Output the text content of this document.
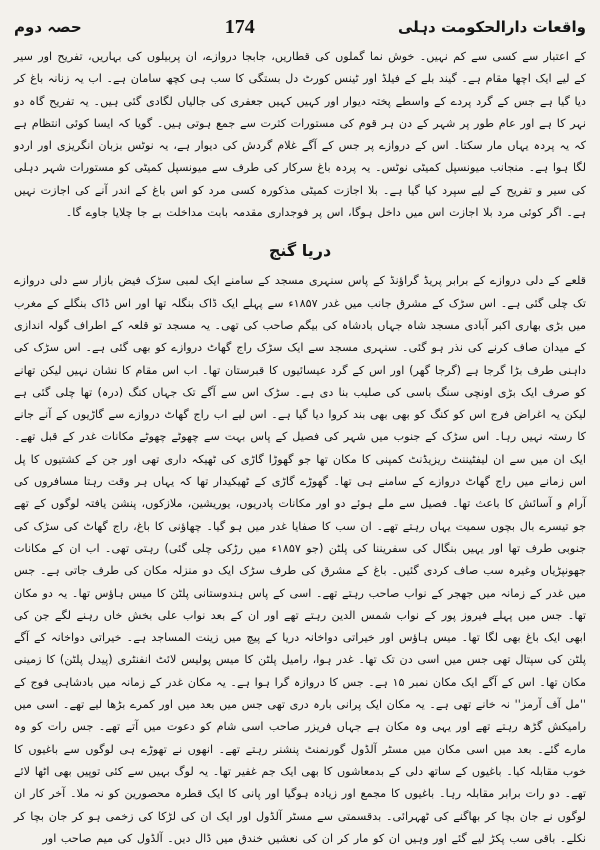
واقعات دارالحکومت دہلی
174
حصہ دوم

کے اعتبار سے کسی سے کم نہیں۔ خوش نما گملوں کی قطاریں، جابجا دروازے، ان پربیلوں کی بہاریں، تفریح اور سیر کے لیے ایک اچھا مقام ہے۔ گیند بلے کے فیلڈ اور ٹینس کورٹ دل بستگی کا سب ہی کچھ سامان ہے۔ اب یہ زنانہ باغ کر دیا گیا ہے جس کے گرد پردے کے واسطے پختہ دیوار اور کہیں کہیں جعفری کی جالیاں لگادی گئی ہیں۔ یہ تفریح گاہ دو نہر کا ہے اور عام طور پر شہر کے دن ہر قوم کی مستورات کثرت سے جمع ہوتی ہیں۔ گویا کہ ایسا کوئی انتظام ہے کہ یہ پردہ یہاں مار سکتا۔ اس کے دروازے پر جس کے آگے غلام گردش کی دیوار ہے، یہ نوٹس بزبان انگریزی اور اردو لگا ہوا ہے۔ منجانب میونسپل کمیٹی نوٹس۔ یہ پردہ باغ سرکار کی طرف سے میونسپل کمیٹی کو مستورات شہر دہلی کی سیر و تفریح کے لیے سپرد کیا گیا ہے۔ بلا اجازت کمیٹی مذکورہ کسی مرد کو اس باغ کے اندر آنے کی اجازت نہیں ہے۔ اگر کوئی مرد بلا اجازت اس میں داخل ہوگا، اس پر فوجداری مقدمہ بابت مداخلت بے جا چلایا جاوے گا۔

دریا گنج

قلعے کے دلی دروازے کے برابر پریڈ گراؤنڈ کے پاس سنہری مسجد کے سامنے ایک لمبی سڑک فیض بازار سے دلی دروازے تک چلی گئی ہے۔ اس سڑک کے مشرق جانب میں غدر ۱۸۵۷ء سے پہلے ایک ڈاک بنگلہ تھا اور اس ڈاک بنگلے کے مغرب میں بڑی بھاری اکبر آبادی مسجد شاہ جہاں بادشاہ کی بیگم صاحب کی تھی۔ یہ مسجد تو قلعہ کے اطراف گولہ اندازی کے میدان صاف کرنے کی نذر ہو گئی۔ سنہری مسجد سے ایک سڑک راج گھاٹ دروازے کو بھی گئی ہے۔ اس سڑک کی داہنی طرف بڑا گرجا ہے (گرجا گھر) اور اس کے گرد عیسائیوں کا قبرستان تھا۔ اب اس مقام کا نشان نہیں لیکن تھانے کو صرف ایک بڑی اونچی سنگ باسی کی صلیب بنا دی ہے۔ سڑک اس سے آگے تک جہاں کنگ (درہ) تھا چلی گئی ہے لیکن یہ اغراض فرج اس کو کنگ کو بھی بھی بند کروا دیا گیا ہے۔ اس لیے اب راج گھاٹ دروازے سے گاڑیوں کے آنے جانے کا رستہ نہیں رہا۔ اس سڑک کے جنوب میں شہر کی فصیل کے پاس بہت سے چھوٹے چھوٹے مکانات غدر کے قبل تھے۔ ایک ان میں سے ان لیفٹیننٹ ریزیڈنٹ کمپنی کا مکان تھا جو گھوڑا گاڑی کی ٹھیکہ داری تھی اور جن کے کشتیوں کا پل اس زمانے میں راج گھاٹ دروازے کے سامنے ہی تھا۔ گھوڑے گاڑی کے ٹھیکیدار تھا کہ یہاں ہر وقت رہتا مسافروں کی آرام و آسائش کا باعث تھا۔ فصیل سے ملے ہوئے دو اور مکانات پادریوں، یوریشین، ملازکوں، پنشن یافتہ لوگوں کے تھے جو تیسرے بال بچوں سمیت یہاں رہتے تھے۔ ان سب کا صفایا غدر میں ہو گیا۔ چھاؤنی کا باغ، راج گھاٹ کی سڑک کی جنوبی طرف تھا اور یہیں بنگال کی سفریننا کی پلٹن (جو ۱۸۵۷ء میں رڑکی چلی گئی) رہتی تھی۔ اب ان کے مکانات جھونپڑیاں وغیرہ سب صاف کردی گئیں۔ باغ کے مشرق کی طرف سڑک ایک دو منزلہ مکان کی طرف جاتی ہے۔ جس میں غدر کے زمانہ میں جھجر کے نواب صاحب رہتے تھے۔ اسی کے پاس ہندوستانی پلٹن کا میس ہاؤس تھا۔ یہ دو مکان تھا۔ جس میں پہلے فیروز پور کے نواب شمس الدین رہتے تھے اور ان کے بعد نواب علی بخش خاں رہنے لگے جن کی ابھی ایک باغ بھی لگا تھا۔ میس ہاؤس اور خیراتی دواخانہ دریا کے پیچ میں زینت المساجد ہے۔ خیراتی دواخانہ کے آگے پلٹن کی سپتال تھی جس میں اسی دن تک تھا۔ غدر ہوا، رامیل پلٹن کا میس پولیس لائٹ انفنٹری (پیدل پلٹن) کا زمینی مکان تھا۔ اس کے آگے ایک مکان نمبر ۱۵ ہے۔ جس کا دروازہ گرا ہوا ہے۔ یہ مکان غدر کے زمانہ میں بادشاہی فوج کے ''مل آف آرمز'' نہ خانے تھی ہے۔ یہ مکان ایک پرانی بارہ دری تھی جس میں بعد میں اور کمرے بڑھا لیے تھے۔ اسی میں رامیکش گڑھ رہتے تھے اور یہی وہ مکان ہے جہاں فریزر صاحب اسی شام کو دعوت میں آتے تھے۔ جس رات کو وہ مارے گئے۔ بعد میں اسی مکان میں مسٹر آلڈول گورنمنٹ پنشنر رہتے تھے۔ انھوں نے تھوڑے ہی لوگوں سے باغیوں کا خوب مقابلہ کیا۔ باغیوں کے ساتھ دلی کے بدمعاشوں کا بھی ایک جم غفیر تھا۔ یہ لوگ بہیں سے کئی توپیں بھی اٹھا لائے تھے۔ دو رات برابر مقابلہ رہا۔ باغیوں کا مجمع اور زیادہ ہوگیا اور پانی کا ایک قطرہ محصورین کو نہ ملا۔ آخر کار ان لوگوں نے جان بچا کر بھاگنے کی ٹھہرائی۔ بدقسمتی سے مسٹر آلڈول اور ایک ان کی لڑکا کی زخمی ہو کر جان بچا کر نکلے۔ باقی سب پکڑ لیے گئے اور وہیں ان کو مار کر ان کی نعشیں خندق میں ڈال دیں۔ آلڈول کی میم صاحب اور
